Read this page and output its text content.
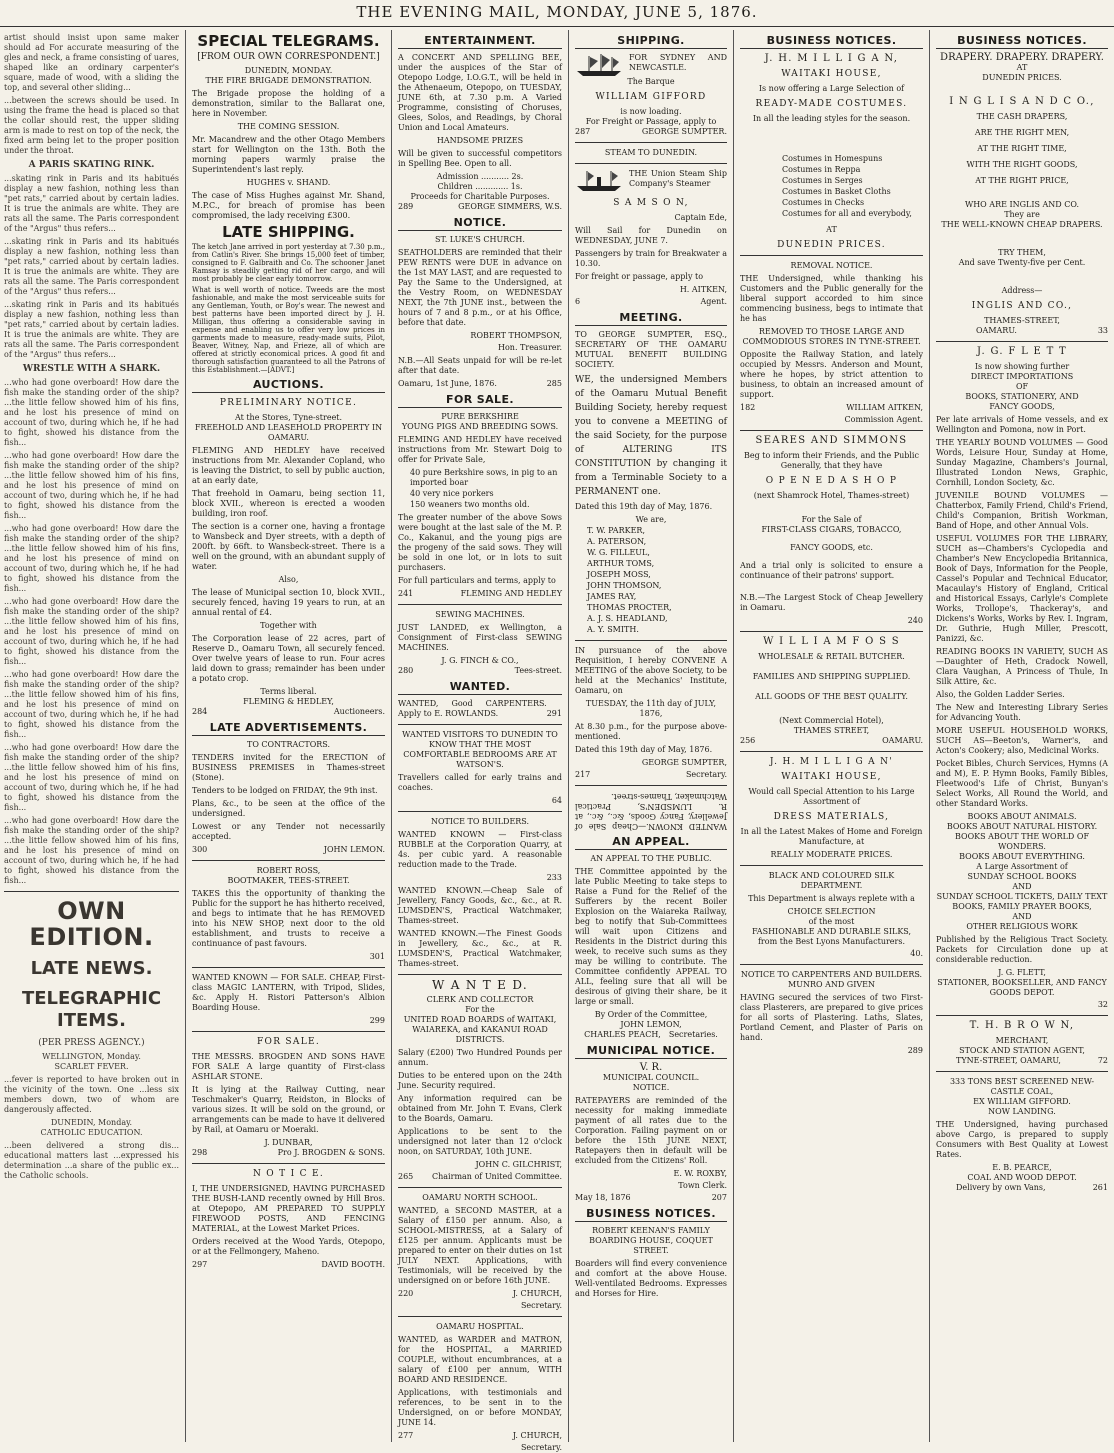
THE EVENING MAIL, MONDAY, JUNE 5, 1876.

artist should insist upon same maker should ad For accurate measuring of the gles and neck, a frame consisting of uares, shaped like an ordinary carpenter's square, made of wood, with a sliding the top, and several other sliding...

...between the screws should be used. In using the frame the head is placed so that the collar should rest, the upper sliding arm is made to rest on top of the neck, the fixed arm being let to the proper position under the throat.

A PARIS SKATING RINK.

...skating rink in Paris and its habitués display a new fashion, nothing less than "pet rats," carried about by certain ladies. It is true the animals are white. They are rats all the same. The Paris correspondent of the "Argus" thus refers...

...skating rink in Paris and its habitués display a new fashion, nothing less than "pet rats," carried about by certain ladies. It is true the animals are white. They are rats all the same. The Paris correspondent of the "Argus" thus refers...

...skating rink in Paris and its habitués display a new fashion, nothing less than "pet rats," carried about by certain ladies. It is true the animals are white. They are rats all the same. The Paris correspondent of the "Argus" thus refers...

WRESTLE WITH A SHARK.

...who had gone overboard! How dare the fish make the standing order of the ship? ...the little fellow showed him of his fins, and he lost his presence of mind on account of two, during which he, if he had to fight, showed his distance from the fish...

...who had gone overboard! How dare the fish make the standing order of the ship? ...the little fellow showed him of his fins, and he lost his presence of mind on account of two, during which he, if he had to fight, showed his distance from the fish...

...who had gone overboard! How dare the fish make the standing order of the ship? ...the little fellow showed him of his fins, and he lost his presence of mind on account of two, during which he, if he had to fight, showed his distance from the fish...

...who had gone overboard! How dare the fish make the standing order of the ship? ...the little fellow showed him of his fins, and he lost his presence of mind on account of two, during which he, if he had to fight, showed his distance from the fish...

...who had gone overboard! How dare the fish make the standing order of the ship? ...the little fellow showed him of his fins, and he lost his presence of mind on account of two, during which he, if he had to fight, showed his distance from the fish...

...who had gone overboard! How dare the fish make the standing order of the ship? ...the little fellow showed him of his fins, and he lost his presence of mind on account of two, during which he, if he had to fight, showed his distance from the fish...

...who had gone overboard! How dare the fish make the standing order of the ship? ...the little fellow showed him of his fins, and he lost his presence of mind on account of two, during which he, if he had to fight, showed his distance from the fish...

OWN EDITION.
LATE NEWS.
TELEGRAPHIC ITEMS.
(PER PRESS AGENCY.)
WELLINGTON, Monday.
SCARLET FEVER.

...fever is reported to have broken out in the vicinity of the town. One ...less six members down, two of whom are dangerously affected.

DUNEDIN, Monday.
CATHOLIC EDUCATION.

...been delivered a strong dis... educational matters last ...expressed his determination ...a share of the public ex... the Catholic schools.

SPECIAL TELEGRAMS.
[FROM OUR OWN CORRESPONDENT.]
DUNEDIN, MONDAY.
THE FIRE BRIGADE DEMONSTRATION.

The Brigade propose the holding of a demonstration, similar to the Ballarat one, here in November.

THE COMING SESSION.

Mr. Macandrew and the other Otago Members start for Wellington on the 13th. Both the morning papers warmly praise the Superintendent's last reply.

HUGHES v. SHAND.

The case of Miss Hughes against Mr. Shand, M.P.C., for breach of promise has been compromised, the lady receiving £300.

LATE SHIPPING.

The ketch Jane arrived in port yesterday at 7.30 p.m., from Catlin's River. She brings 15,000 feet of timber, consigned to F. Galbraith and Co. The schooner Janet Ramsay is steadily getting rid of her cargo, and will most probably be clear early tomorrow.

What is well worth of notice. Tweeds are the most fashionable, and make the most serviceable suits for any Gentleman, Youth, or Boy's wear. The newest and best patterns have been imported direct by J. H. Milligan, thus offering a considerable saving in expense and enabling us to offer very low prices in garments made to measure, ready-made suits, Pilot, Beaver, Witney, Nap, and Frieze, all of which are offered at strictly economical prices. A good fit and thorough satisfaction guaranteed to all the Patrons of this Establishment.—[ADVT.]

AUCTIONS.
PRELIMINARY NOTICE.
At the Stores, Tyne-street.
FREEHOLD AND LEASEHOLD PROPERTY IN OAMARU.

FLEMING AND HEDLEY have received instructions from Mr. Alexander Copland, who is leaving the District, to sell by public auction, at an early date,

That freehold in Oamaru, being section 11, block XVII., whereon is erected a wooden building, iron roof.

The section is a corner one, having a frontage to Wansbeck and Dyer streets, with a depth of 200ft. by 66ft. to Wansbeck-street. There is a well on the ground, with an abundant supply of water.

Also,

The lease of Municipal section 10, block XVII., securely fenced, having 19 years to run, at an annual rental of £4.

Together with

The Corporation lease of 22 acres, part of Reserve D., Oamaru Town, all securely fenced. Over twelve years of lease to run. Four acres laid down to grass; remainder has been under a potato crop.

Terms liberal.
FLEMING & HEDLEY,
284	Auctioneers.
LATE ADVERTISEMENTS.
TO CONTRACTORS.

TENDERS invited for the ERECTION of BUSINESS PREMISES in Thames-street (Stone).

Tenders to be lodged on FRIDAY, the 9th inst.

Plans, &c., to be seen at the office of the undersigned.

Lowest or any Tender not necessarily accepted.

300	JOHN LEMON.
ROBERT ROSS,
BOOTMAKER, TEES-STREET.

TAKES this the opportunity of thanking the Public for the support he has hitherto received, and begs to intimate that he has REMOVED into his NEW SHOP, next door to the old establishment, and trusts to receive a continuance of past favours.

301

WANTED KNOWN — FOR SALE. CHEAP, First-class MAGIC LANTERN, with Tripod, Slides, &c. Apply H. Ristori Patterson's Albion Boarding House.

299
FOR SALE.

THE MESSRS. BROGDEN AND SONS HAVE FOR SALE A large quantity of First-class ASHLAR STONE.

It is lying at the Railway Cutting, near Teschmaker's Quarry, Reidston, in Blocks of various sizes. It will be sold on the ground, or arrangements can be made to have it delivered by Rail, at Oamaru or Moeraki.

J. DUNBAR,
298	Pro J. BROGDEN & SONS.
N O T I C E.

I, THE UNDERSIGNED, HAVING PURCHASED THE BUSH-LAND recently owned by Hill Bros. at Otepopo, AM PREPARED TO SUPPLY FIREWOOD POSTS, AND FENCING MATERIAL, at the Lowest Market Prices.

Orders received at the Wood Yards, Otepopo, or at the Fellmongery, Maheno.

297	DAVID BOOTH.
ENTERTAINMENT.

A CONCERT AND SPELLING BEE, under the auspices of the Star of Otepopo Lodge, I.O.G.T., will be held in the Athenaeum, Otepopo, on TUESDAY, JUNE 6th, at 7.30 p.m. A Varied Programme, consisting of Choruses, Glees, Solos, and Readings, by Choral Union and Local Amateurs.

HANDSOME PRIZES

Will be given to successful competitors in Spelling Bee. Open to all.

Admission ........... 2s.
Children ............. 1s.
Proceeds for Charitable Purposes.
289	GEORGE SIMMERS, W.S.
NOTICE.
ST. LUKE'S CHURCH.

SEATHOLDERS are reminded that their PEW RENTS were DUE in advance on the 1st MAY LAST, and are requested to Pay the Same to the Undersigned, at the Vestry Room, on WEDNESDAY NEXT, the 7th JUNE inst., between the hours of 7 and 8 p.m., or at his Office, before that date.

ROBERT THOMPSON,
Hon. Treasurer.

N.B.—All Seats unpaid for will be re-let after that date.

Oamaru, 1st June, 1876.	285
FOR SALE.
PURE BERKSHIRE
YOUNG PIGS AND BREEDING SOWS.

FLEMING AND HEDLEY have received instructions from Mr. Stewart Doig to offer for Private Sale,

40 pure Berkshire sows, in pig to an imported boar

40 very nice porkers

150 weaners two months old.

The greater number of the above Sows were bought at the last sale of the M. P. Co., Kakanui, and the young pigs are the progeny of the said sows. They will be sold in one lot, or in lots to suit purchasers.

For full particulars and terms, apply to

241	FLEMING AND HEDLEY
SEWING MACHINES.

JUST LANDED, ex Wellington, a Consignment of First-class SEWING MACHINES.

J. G. FINCH & CO.,
280	Tees-street.
WANTED.
WANTED, Good CARPENTERS. Apply to E. ROWLANDS.	291

WANTED VISITORS TO DUNEDIN TO KNOW THAT THE MOST COMFORTABLE BEDROOMS ARE AT WATSON'S.

Travellers called for early trains and coaches.

64
NOTICE TO BUILDERS.

WANTED KNOWN — First-class RUBBLE at the Corporation Quarry, at 4s. per cubic yard. A reasonable reduction made to the Trade.

233

WANTED KNOWN.—Cheap Sale of Jewellery, Fancy Goods, &c., &c., at R. LUMSDEN'S, Practical Watchmaker, Thames-street.

WANTED KNOWN.—The Finest Goods in Jewellery, &c., &c., at R. LUMSDEN'S, Practical Watchmaker, Thames-street.

W A N T E D.
CLERK AND COLLECTOR
For the
UNITED ROAD BOARDS of WAITAKI, WAIAREKA, and KAKANUI ROAD DISTRICTS.

Salary (£200) Two Hundred Pounds per annum.

Duties to be entered upon on the 24th June. Security required.

Any information required can be obtained from Mr. John T. Evans, Clerk to the Boards, Oamaru.

Applications to be sent to the undersigned not later than 12 o'clock noon, on SATURDAY, 10th JUNE.

JOHN C. GILCHRIST,
265 Chairman of United Committee.
OAMARU NORTH SCHOOL.

WANTED, a SECOND MASTER, at a Salary of £150 per annum. Also, a SCHOOL-MISTRESS, at a Salary of £125 per annum. Applicants must be prepared to enter on their duties on 1st JULY NEXT. Applications, with Testimonials, will be received by the undersigned on or before 16th JUNE.

220	J. CHURCH,
Secretary.
OAMARU HOSPITAL.

WANTED, as WARDER and MATRON, for the HOSPITAL, a MARRIED COUPLE, without encumbrances, at a salary of £100 per annum, WITH BOARD AND RESIDENCE.

Applications, with testimonials and references, to be sent in to the Undersigned, on or before MONDAY, JUNE 14.

277	J. CHURCH,
Secretary.
SHIPPING.
FOR SYDNEY AND NEWCASTLE.
The Barque
WILLIAM GIFFORD
is now loading.
For Freight or Passage, apply to
287	GEORGE SUMPTER.
STEAM TO DUNEDIN.
THE Union Steam Ship Company's Steamer
S A M S O N,
Captain Ede,

Will Sail for Dunedin on WEDNESDAY, JUNE 7.

Passengers by train for Breakwater a 10.30.

For freight or passage, apply to

H. AITKEN,
6	Agent.
MEETING.

TO GEORGE SUMPTER, ESQ., SECRETARY OF THE OAMARU MUTUAL BENEFIT BUILDING SOCIETY.

WE, the undersigned Members of the Oamaru Mutual Benefit Building Society, hereby request you to convene a MEETING of the said Society, for the purpose of ALTERING ITS CONSTITUTION by changing it from a Terminable Society to a PERMANENT one.

Dated this 19th day of May, 1876.

We are,

T. W. PARKER,

A. PATERSON,

W. G. FILLEUL,

ARTHUR TOMS,

JOSEPH MOSS,

JOHN THOMSON,

JAMES RAY,

THOMAS PROCTER,

A. J. S. HEADLAND,

A. Y. SMITH.

IN pursuance of the above Requisition, I hereby CONVENE A MEETING of the above Society, to be held at the Mechanics' Institute, Oamaru, on

TUESDAY, the 11th day of JULY, 1876,

At 8.30 p.m., for the purpose above-mentioned.

Dated this 19th day of May, 1876.

GEORGE SUMPTER,
217	Secretary.

WANTED KNOWN.—Cheap Sale of Jewellery, Fancy Goods, &c., &c., at R. LUMSDEN'S, Practical Watchmaker, Thames-street.

AN APPEAL.
AN APPEAL TO THE PUBLIC.

THE Committee appointed by the late Public Meeting to take steps to Raise a Fund for the Relief of the Sufferers by the recent Boiler Explosion on the Waiareka Railway, beg to notify that Sub-Committees will wait upon Citizens and Residents in the District during this week, to receive such sums as they may be willing to contribute. The Committee confidently APPEAL TO ALL, feeling sure that all will be desirous of giving their share, be it large or small.

By Order of the Committee,
JOHN LEMON,
CHARLES PEACH, Secretaries.
MUNICIPAL NOTICE.
V. R.
MUNICIPAL COUNCIL.
NOTICE.

RATEPAYERS are reminded of the necessity for making immediate payment of all rates due to the Corporation. Failing payment on or before the 15th JUNE NEXT, Ratepayers then in default will be excluded from the Citizens' Roll.

E. W. ROXBY,
Town Clerk.
May 18, 1876	207
BUSINESS NOTICES.

ROBERT KEENAN'S FAMILY BOARDING HOUSE, COQUET STREET.

Boarders will find every convenience and comfort at the above House. Well-ventilated Bedrooms. Expresses and Horses for Hire.

BUSINESS NOTICES.
J. H. M I L L I G A N,
WAITAKI HOUSE,
Is now offering a Large Selection of
READY-MADE COSTUMES.
In all the leading styles for the season.

Costumes in Homespuns

Costumes in Reppa

Costumes in Serges

Costumes in Basket Cloths

Costumes in Checks

Costumes for all and everybody,

AT
DUNEDIN PRICES.
REMOVAL NOTICE.

THE Undersigned, while thanking his Customers and the Public generally for the liberal support accorded to him since commencing business, begs to intimate that he has

REMOVED TO THOSE LARGE AND COMMODIOUS STORES IN TYNE-STREET.

Opposite the Railway Station, and lately occupied by Messrs. Anderson and Mount, where he hopes, by strict attention to business, to obtain an increased amount of support.

182	WILLIAM AITKEN,
Commission Agent.
SEARES AND SIMMONS

Beg to inform their Friends, and the Public Generally, that they have

O P E N E D A S H O P
(next Shamrock Hotel, Thames-street)
For the Sale of
FIRST-CLASS CIGARS, TOBACCO,
FANCY GOODS, etc.

And a trial only is solicited to ensure a continuance of their patrons' support.

N.B.—The Largest Stock of Cheap Jewellery in Oamaru.

240
W I L L I A M F O S S
WHOLESALE & RETAIL BUTCHER.
FAMILIES AND SHIPPING SUPPLIED.
ALL GOODS OF THE BEST QUALITY.
(Next Commercial Hotel),
THAMES STREET,
256	OAMARU.
J. H. M I L L I G A N'
WAITAKI HOUSE,

Would call Special Attention to his Large Assortment of

DRESS MATERIALS,

In all the Latest Makes of Home and Foreign Manufacture, at

REALLY MODERATE PRICES.
BLACK AND COLOURED SILK DEPARTMENT.

This Department is always replete with a

CHOICE SELECTION
of the most
FASHIONABLE AND DURABLE SILKS,
from the Best Lyons Manufacturers.
40.
NOTICE TO CARPENTERS AND BUILDERS.
MUNRO AND GIVEN

HAVING secured the services of two First-class Plasterers, are prepared to give prices for all sorts of Plastering. Laths, Slates, Portland Cement, and Plaster of Paris on hand.

289
BUSINESS NOTICES.
DRAPERY. DRAPERY. DRAPERY.
AT
DUNEDIN PRICES.
I N G L I S A N D C O.,
THE CASH DRAPERS,
ARE THE RIGHT MEN,
AT THE RIGHT TIME,
WITH THE RIGHT GOODS,
AT THE RIGHT PRICE,
WHO ARE INGLIS AND CO.
They are
THE WELL-KNOWN CHEAP DRAPERS.
TRY THEM,
And save Twenty-five per Cent.
Address—
INGLIS AND CO.,
THAMES-STREET,
OAMARU.	33
J. G. F L E T T
Is now showing further
DIRECT IMPORTATIONS
OF
BOOKS, STATIONERY, AND
FANCY GOODS,

Per late arrivals of Home vessels, and ex Wellington and Pomona, now in Port.

THE YEARLY BOUND VOLUMES — Good Words, Leisure Hour, Sunday at Home, Sunday Magazine, Chambers's Journal, Illustrated London News, Graphic, Cornhill, London Society, &c.

JUVENILE BOUND VOLUMES — Chatterbox, Family Friend, Child's Friend, Child's Companion, British Workman, Band of Hope, and other Annual Vols.

USEFUL VOLUMES FOR THE LIBRARY, SUCH as—Chambers's Cyclopedia and Chamber's New Encyclopedia Britannica, Book of Days, Information for the People, Cassel's Popular and Technical Educator, Macaulay's History of England, Critical and Historical Essays, Carlyle's Complete Works, Trollope's, Thackeray's, and Dickens's Works, Works by Rev. I. Ingram, Dr. Guthrie, Hugh Miller, Prescott, Panizzi, &c.

READING BOOKS IN VARIETY, SUCH AS—Daughter of Heth, Cradock Nowell, Clara Vaughan, A Princess of Thule, In Silk Attire, &c.

Also, the Golden Ladder Series.

The New and Interesting Library Series for Advancing Youth.

MORE USEFUL HOUSEHOLD WORKS, SUCH AS—Beeton's, Warner's, and Acton's Cookery; also, Medicinal Works.

Pocket Bibles, Church Services, Hymns (A and M), E. P. Hymn Books, Family Bibles, Fleetwood's Life of Christ, Bunyan's Select Works, All Round the World, and other Standard Works.

BOOKS ABOUT ANIMALS.
BOOKS ABOUT NATURAL HISTORY.
BOOKS ABOUT THE WORLD OF WONDERS.
BOOKS ABOUT EVERYTHING.
A Large Assortment of
SUNDAY SCHOOL BOOKS
AND
SUNDAY SCHOOL TICKETS, DAILY TEXT BOOKS, FAMILY PRAYER BOOKS,
AND
OTHER RELIGIOUS WORK

Published by the Religious Tract Society. Packets for Circulation done up at considerable reduction.

J. G. FLETT,
STATIONER, BOOKSELLER, AND FANCY GOODS DEPOT.
32
T. H. B R O W N,
MERCHANT,
STOCK AND STATION AGENT,
TYNE-STREET, OAMARU,	72
333 TONS BEST SCREENED NEW-CASTLE COAL,
EX WILLIAM GIFFORD.
NOW LANDING.

THE Undersigned, having purchased above Cargo, is prepared to supply Consumers with Best Quality at Lowest Rates.

E. B. PEARCE,
COAL AND WOOD DEPOT.
Delivery by own Vans,	261
